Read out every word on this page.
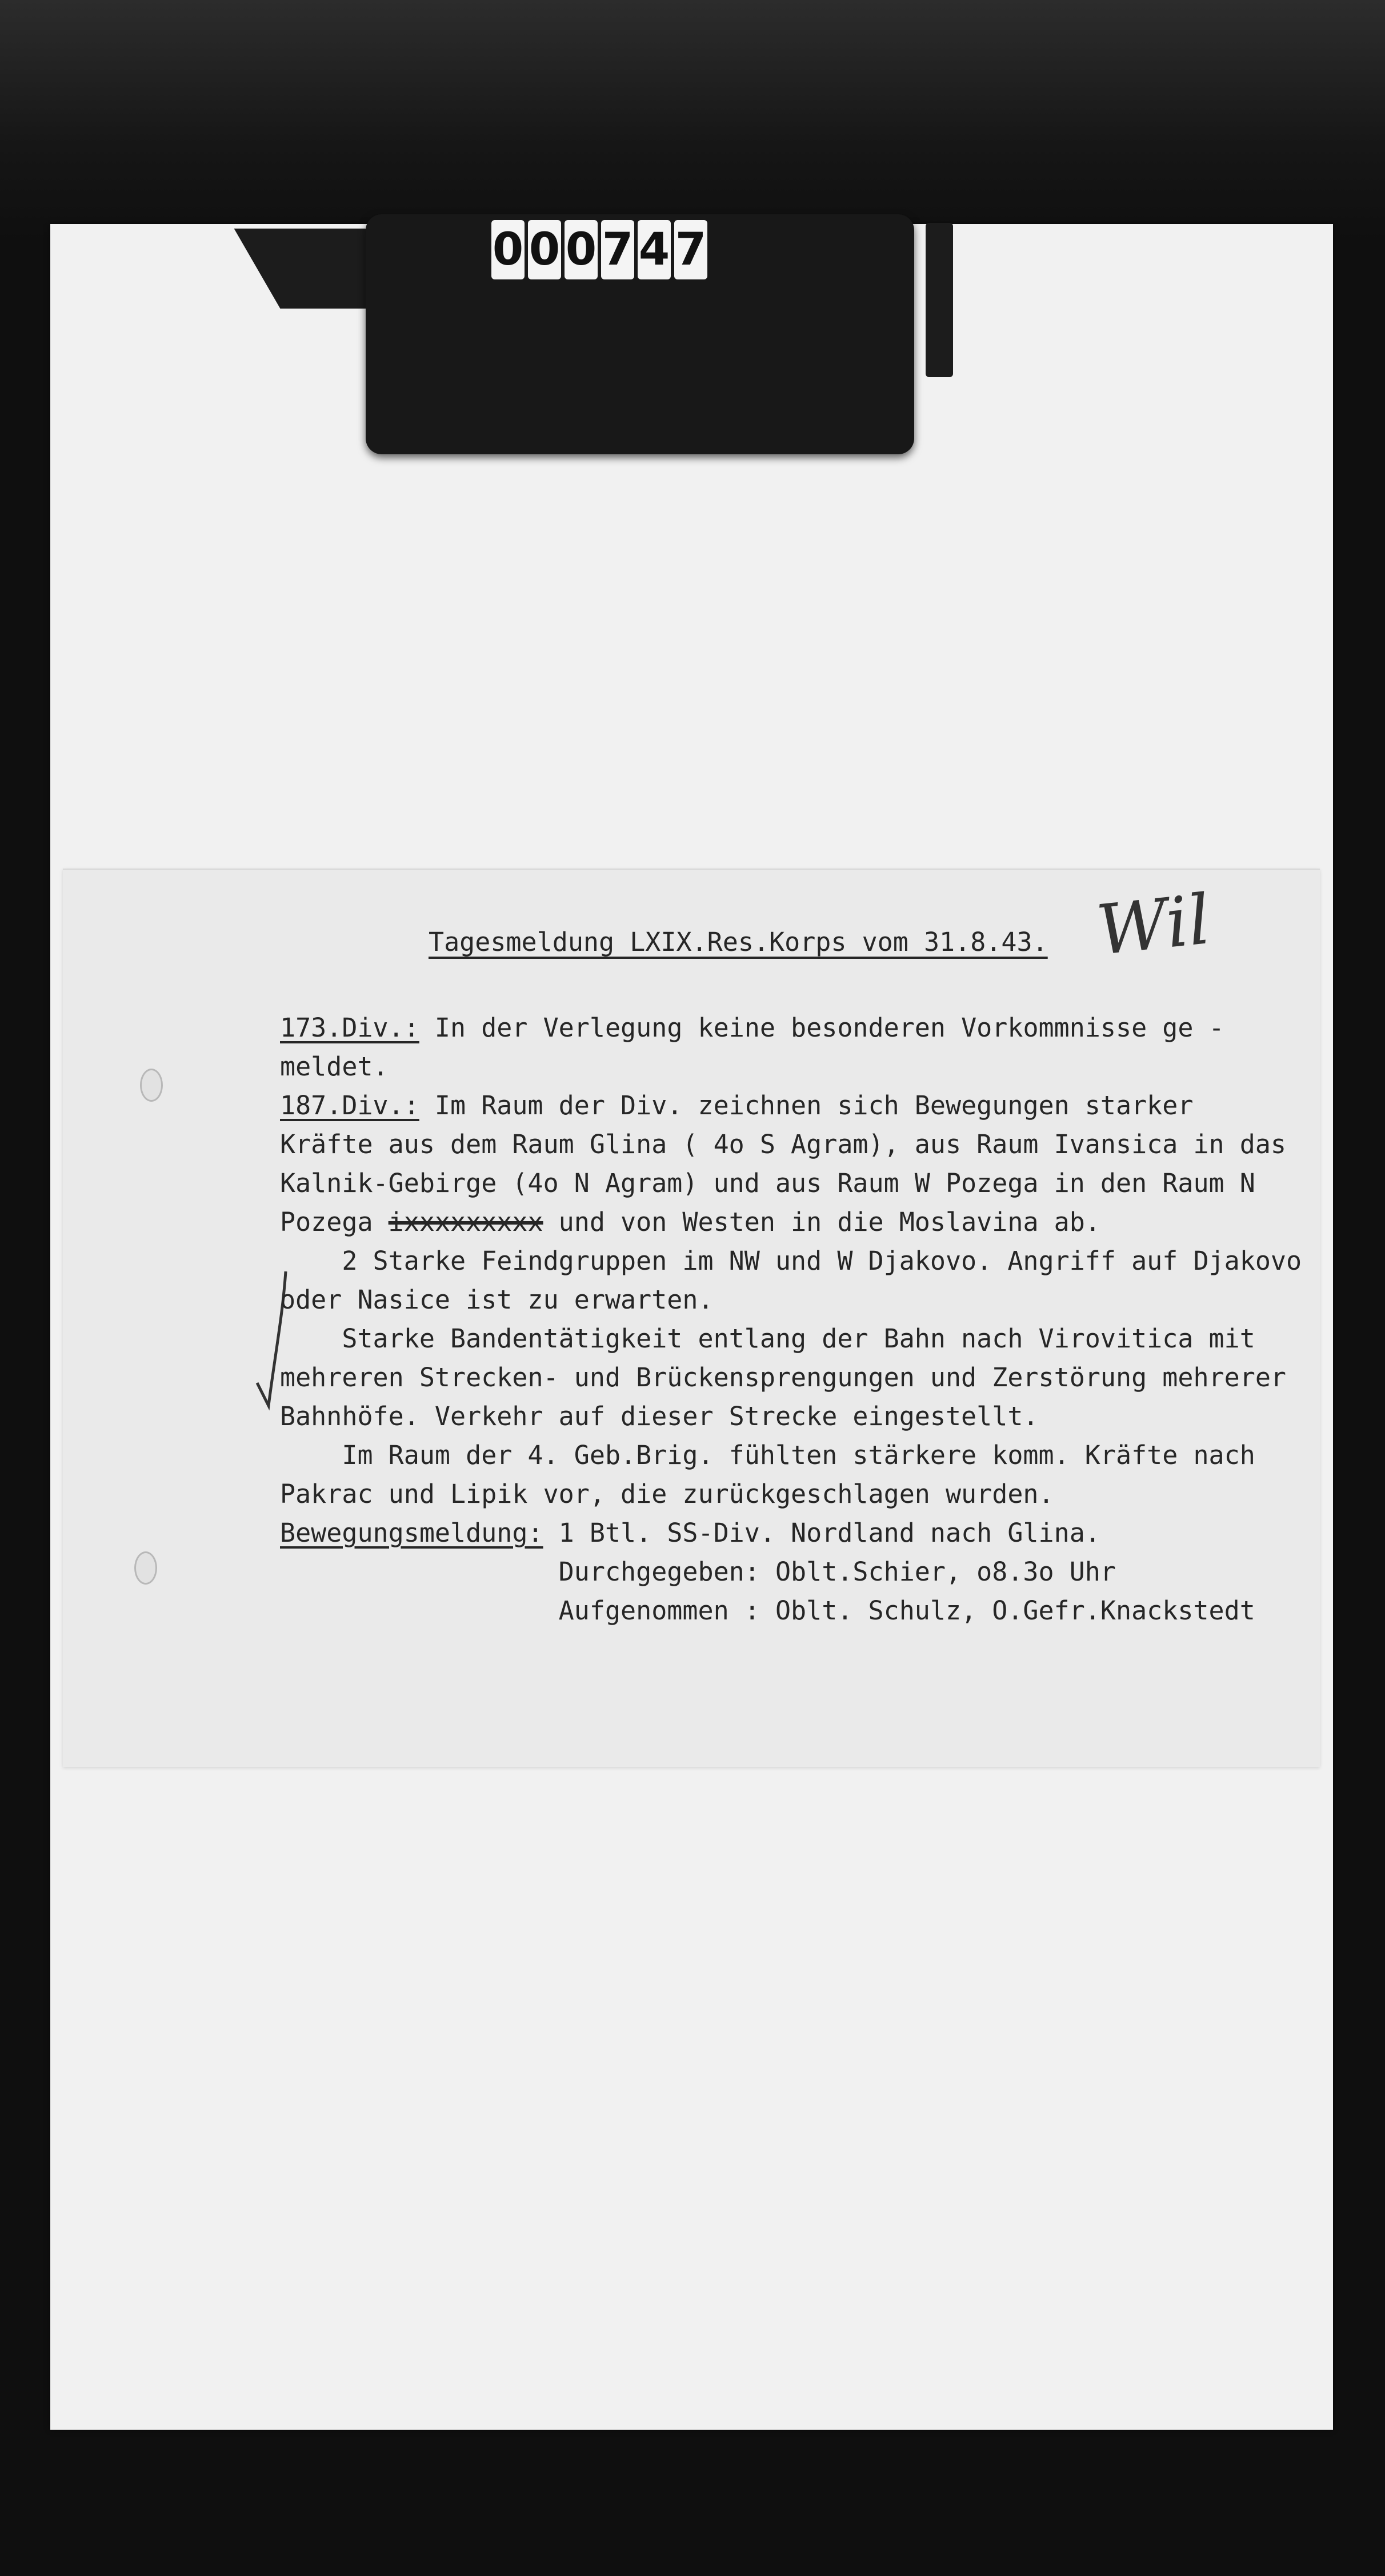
0 0 0 7 4 7
Wil
Tagesmeldung LXIX.Res.Korps vom 31.8.43.
173.Div.: In der Verlegung keine besonderen Vorkommnisse ge -
meldet.
187.Div.: Im Raum der Div. zeichnen sich Bewegungen starker
Kräfte aus dem Raum Glina ( 4o S Agram), aus Raum Ivansica in das
Kalnik-Gebirge (4o N Agram) und aus Raum W Pozega in den Raum N
Pozega ixxxxxxxxx und von Westen in die Moslavina ab.
2 Starke Feindgruppen im NW und W Djakovo. Angriff auf Djakovo
oder Nasice ist zu erwarten.
Starke Bandentätigkeit entlang der Bahn nach Virovitica mit
mehreren Strecken- und Brückensprengungen und Zerstörung mehrerer
Bahnhöfe. Verkehr auf dieser Strecke eingestellt.
Im Raum der 4. Geb.Brig. fühlten stärkere komm. Kräfte nach
Pakrac und Lipik vor, die zurückgeschlagen wurden.
Bewegungsmeldung: 1 Btl. SS-Div. Nordland nach Glina.
Durchgegeben: Oblt.Schier, o8.3o Uhr
Aufgenommen : Oblt. Schulz, O.Gefr.Knackstedt
